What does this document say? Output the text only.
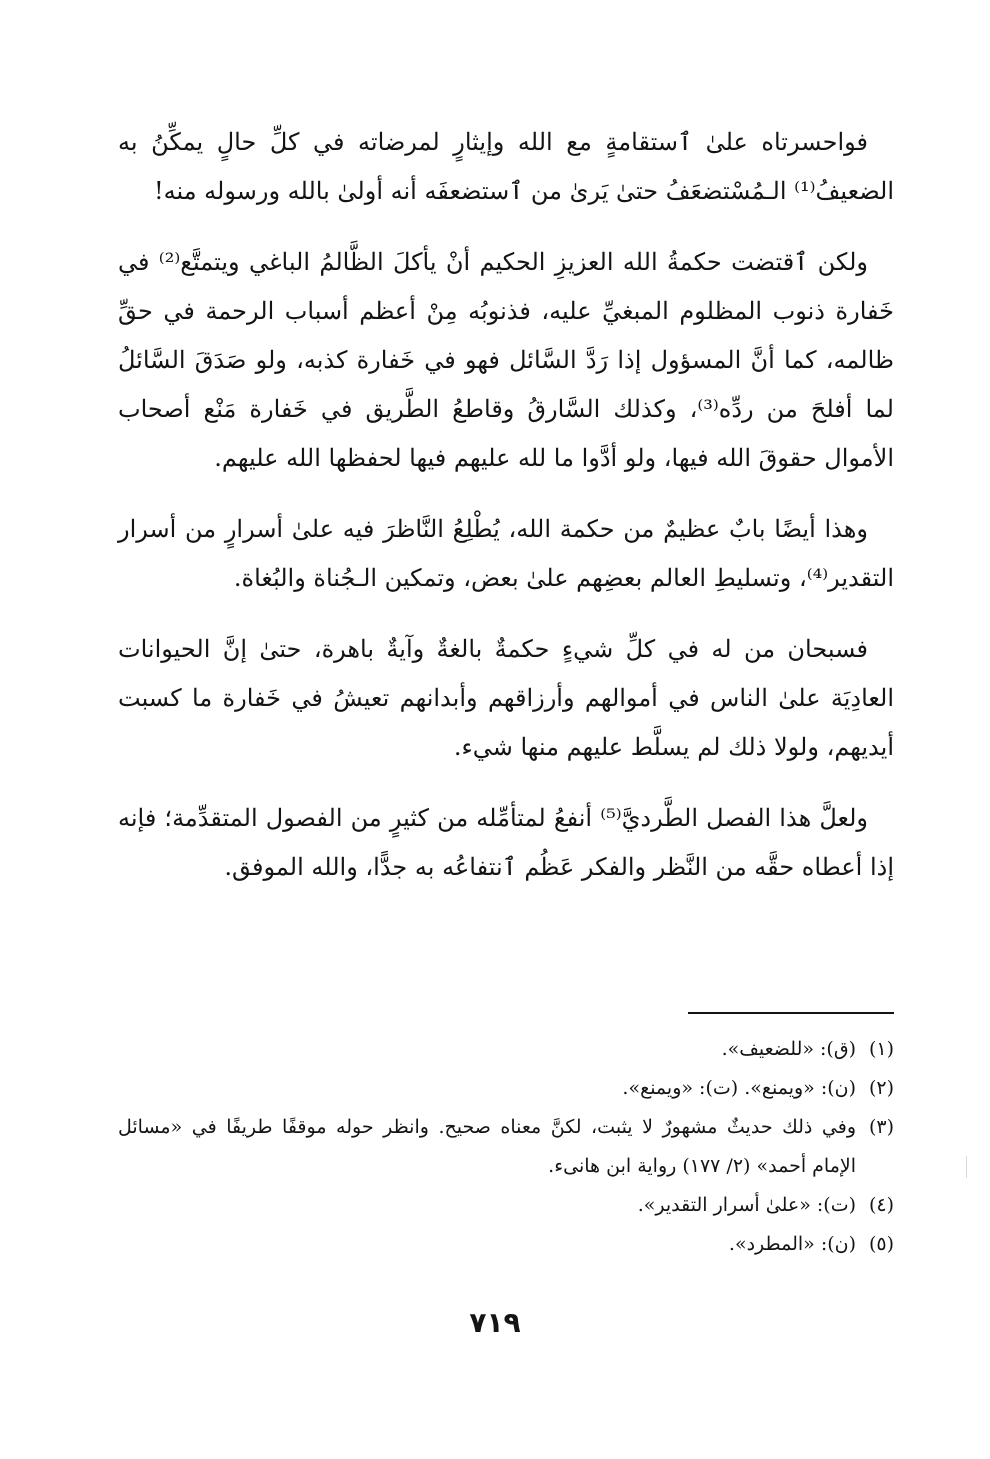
فواحسرتاه علىٰ ٱستقامةٍ مع الله وإيثارٍ لمرضاته في كلِّ حالٍ يمكِّنُ به الضعيفُ⁽¹⁾ الـمُسْتضعَفُ حتىٰ يَرىٰ من ٱستضعفَه أنه أولىٰ بالله ورسوله منه!

ولكن ٱقتضت حكمةُ الله العزيزِ الحكيم أنْ يأكلَ الظَّالمُ الباغي ويتمتَّع⁽²⁾ في خَفارة ذنوب المظلوم المبغيِّ عليه، فذنوبُه مِنْ أعظم أسباب الرحمة في حقِّ ظالمه، كما أنَّ المسؤول إذا رَدَّ السَّائل فهو في خَفارة كذبه، ولو صَدَقَ السَّائلُ لما أفلحَ من ردِّه⁽³⁾، وكذلك السَّارقُ وقاطعُ الطَّريق في خَفارة مَنْع أصحاب الأموال حقوقَ الله فيها، ولو أدَّوا ما لله عليهم فيها لحفظها الله عليهم.

وهذا أيضًا بابٌ عظيمٌ من حكمة الله، يُطْلِعُ النَّاظرَ فيه علىٰ أسرارٍ من أسرار التقدير⁽⁴⁾، وتسليطِ العالم بعضِهم علىٰ بعض، وتمكين الـجُناة والبُغاة.

فسبحان من له في كلِّ شيءٍ حكمةٌ بالغةٌ وآيةٌ باهرة، حتىٰ إنَّ الحيوانات العادِيَة علىٰ الناس في أموالهم وأرزاقهم وأبدانهم تعيشُ في خَفارة ما كسبت أيديهم، ولولا ذلك لم يسلَّط عليهم منها شيء.

ولعلَّ هذا الفصل الطَّرديَّ⁽⁵⁾ أنفعُ لمتأمِّله من كثيرٍ من الفصول المتقدِّمة؛ فإنه إذا أعطاه حقَّه من النَّظر والفكر عَظُم ٱنتفاعُه به جدًّا، والله الموفق.

(١)
(ق): «للضعيف».
(٢)
(ن): «ويمنع». (ت): «ويمنع».
(٣)
وفي ذلك حديثٌ مشهورٌ لا يثبت، لكنَّ معناه صحيح. وانظر حوله موقفًا طريفًا في «مسائل الإمام أحمد» (٢/ ١٧٧) رواية ابن هانىء.
(٤)
(ت): «علىٰ أسرار التقدير».
(٥)
(ن): «المطرد».
٧١٩
